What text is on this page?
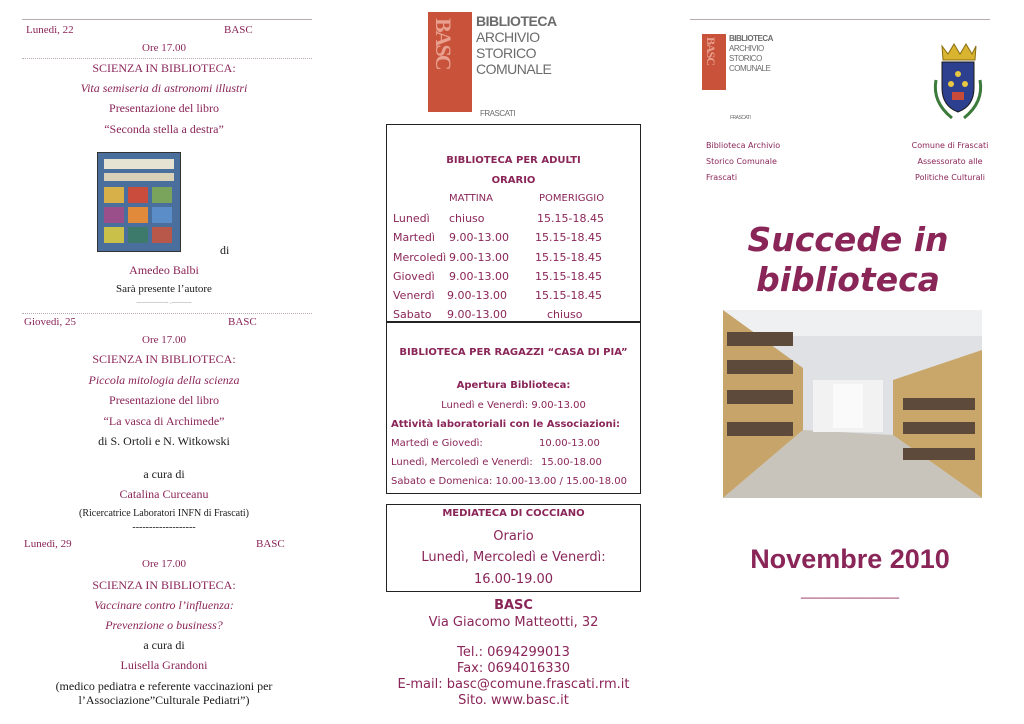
Lunedì, 22	BASC
Ore 17.00
SCIENZA IN BIBLIOTECA:
Vita semiseria di astronomi illustri
Presentazione del libro
“Seconda stella a destra”
di
Amedeo Balbi
Sarà presente l’autore
—————- .———-
Giovedì, 25	BASC
Ore 17.00
SCIENZA IN BIBLIOTECA:
Piccola mitologia della scienza
Presentazione del libro
“La vasca di Archimede”
di S. Ortoli e N. Witkowski
a cura di
Catalina Curceanu
(Ricercatrice Laboratori INFN di Frascati)
-------------------
Lunedì, 29	BASC
Ore 17.00
SCIENZA IN BIBLIOTECA:
Vaccinare contro l’influenza:
Prevenzione o business?
a cura di
Luisella Grandoni
(medico pediatra e referente vaccinazioni per
l’Associazione”Culturale Pediatri”)
BASC BIBLIOTECA
ARCHIVIO
STORICO
COMUNALE
FRASCATI
BIBLIOTECA PER ADULTI
ORARIO
MATTINA	POMERIGGIO
Lunedì chiuso	15.15-18.45
Martedì 9.00-13.00 15.15-18.45
Mercoledì 9.00-13.00 15.15-18.45
Giovedì 9.00-13.00 15.15-18.45
Venerdì 9.00-13.00	15.15-18.45
Sabato 9.00-13.00	chiuso
BIBLIOTECA PER RAGAZZI “CASA DI PIA”
Apertura Biblioteca:
Lunedì e Venerdì: 9.00-13.00
Attività laboratoriali con le Associazioni:
Martedì e Giovedì:	10.00-13.00
Lunedì, Mercoledì e Venerdì: 15.00-18.00
Sabato e Domenica: 10.00-13.00 / 15.00-18.00
MEDIATECA DI COCCIANO
Orario
Lunedì, Mercoledì e Venerdì:
16.00-19.00
BASC
Via Giacomo Matteotti, 32
Tel.: 0694299013
Fax: 0694016330
E-mail: basc@comune.frascati.rm.it
Sito. www.basc.it
BASC BIBLIOTECA
ARCHIVIO
STORICO
COMUNALE
FRASCATI
Biblioteca Archivio
Storico Comunale
Frascati
Comune di Frascati
Assessorato alle
Politiche Culturali
Succede in
biblioteca
Novembre 2010
________
